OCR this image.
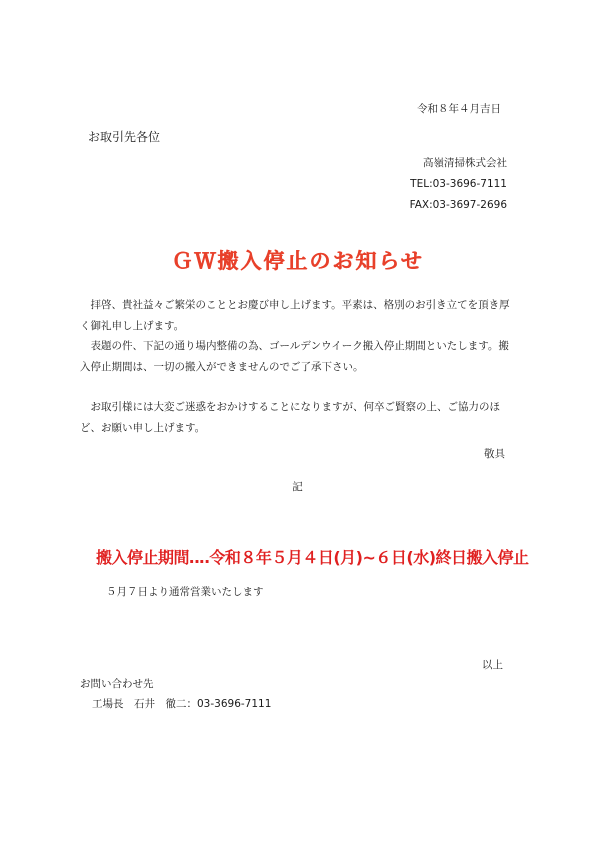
令和８年４月吉日
お取引先各位
高嶺清掃株式会社
TEL:03-3696-7111
FAX:03-3697-2696
ＧＷ搬入停止のお知らせ

拝啓、貴社益々ご繁栄のこととお慶び申し上げます。平素は、格別のお引き立てを頂き厚く御礼申し上げます。

表題の件、下記の通り場内整備の為、ゴールデンウイーク搬入停止期間といたします。搬入停止期間は、一切の搬入ができませんのでご了承下さい。

お取引様には大変ご迷惑をおかけすることになりますが、何卒ご賢察の上、ご協力のほど、お願い申し上げます。

敬具
記
搬入停止期間‥‥令和８年５月４日(月)~６日(水)終日搬入停止
５月７日より通常営業いたします
以上
お問い合わせ先
工場長　石井　徹二：03-3696-7111
